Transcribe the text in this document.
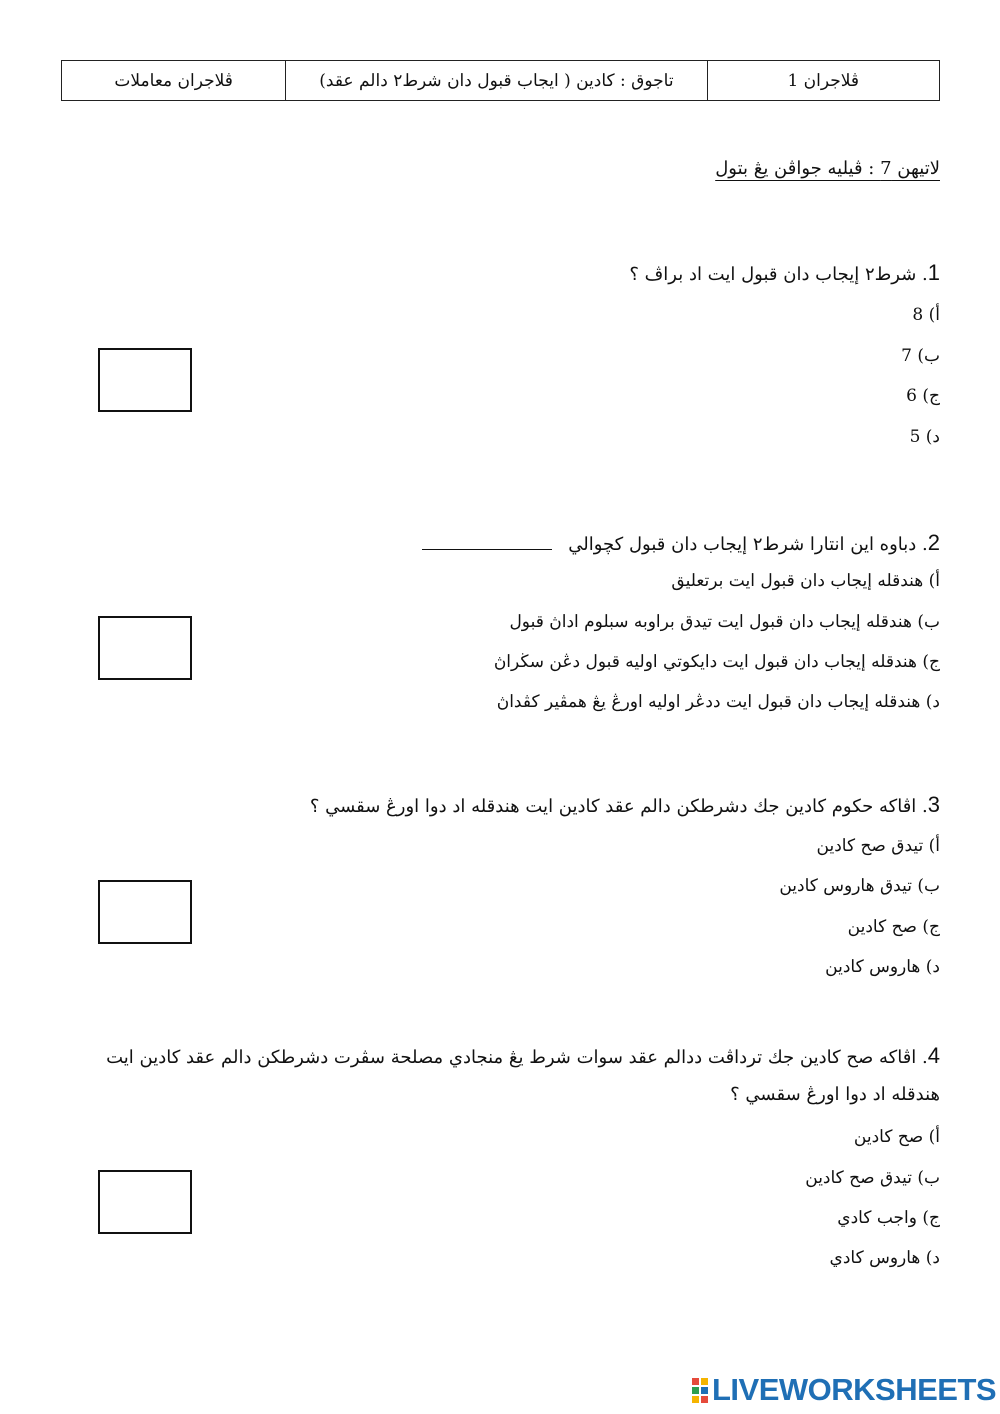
ڤلاجران 1	تاجوق : كادين ( ايجاب قبول دان شرط٢ دالم عقد)	ڤلاجران معاملات
لاتيهن 7 : ڤيليه جواڤن يڠ بتول
1. شرط٢ إيجاب دان قبول ايت اد براڤ ؟
أ) 8
ب) 7
ج) 6
د) 5
2. دباوه اين انتارا شرط٢ إيجاب دان قبول كچوالي
أ) هندقله إيجاب دان قبول ايت برتعليق
ب) هندقله إيجاب دان قبول ايت تيدق براوبه سبلوم اداڽ قبول
ج) هندقله إيجاب دان قبول ايت دايكوتي اوليه قبول دڠن سڬراڽ
د) هندقله إيجاب دان قبول ايت ددڠر اوليه اورڠ يڠ همڤير كڤداڽ
3. اڤاكه حكوم كادين جك دشرطكن دالم عقد كادين ايت هندقله اد دوا اورڠ سقسي ؟
أ) تيدق صح كادين
ب) تيدق هاروس كادين
ج) صح كادين
د) هاروس كادين
4. اڤاكه صح كادين جك ترداڤت ددالم عقد سوات شرط يڠ منجادي مصلحة سڤرت دشرطكن دالم عقد كادين ايت
هندقله اد دوا اورڠ سقسي ؟
أ) صح كادين
ب) تيدق صح كادين
ج) واجب كادي
د) هاروس كادي
LIVEWORKSHEETS
